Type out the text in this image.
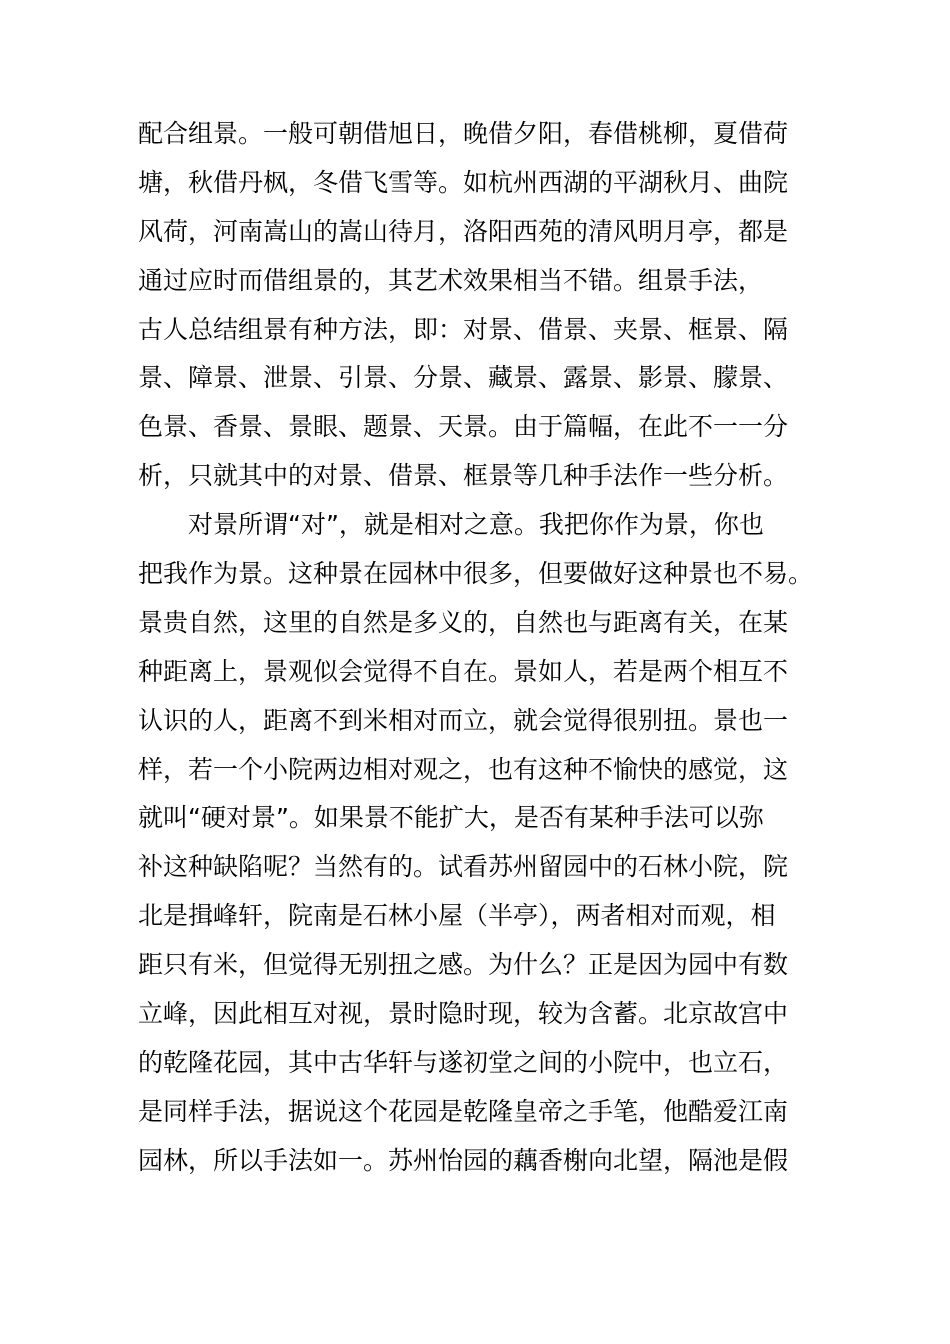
配合组景。一般可朝借旭日，晚借夕阳，春借桃柳，夏借荷
塘，秋借丹枫，冬借飞雪等。如杭州西湖的平湖秋月、曲院
风荷，河南嵩山的嵩山待月，洛阳西苑的清风明月亭，都是
通过应时而借组景的，其艺术效果相当不错。组景手法，
古人总结组景有种方法，即：对景、借景、夹景、框景、隔
景、障景、泄景、引景、分景、藏景、露景、影景、朦景、
色景、香景、景眼、题景、天景。由于篇幅，在此不一一分
析，只就其中的对景、借景、框景等几种手法作一些分析。
　　对景所谓“对”，就是相对之意。我把你作为景，你也
把我作为景。这种景在园林中很多，但要做好这种景也不易。
景贵自然，这里的自然是多义的，自然也与距离有关，在某
种距离上，景观似会觉得不自在。景如人，若是两个相互不
认识的人，距离不到米相对而立，就会觉得很别扭。景也一
样，若一个小院两边相对观之，也有这种不愉快的感觉，这
就叫“硬对景”。如果景不能扩大，是否有某种手法可以弥
补这种缺陷呢？当然有的。试看苏州留园中的石林小院，院
北是揖峰轩，院南是石林小屋（半亭），两者相对而观，相
距只有米，但觉得无别扭之感。为什么？正是因为园中有数
立峰，因此相互对视，景时隐时现，较为含蓄。北京故宫中
的乾隆花园，其中古华轩与遂初堂之间的小院中，也立石，
是同样手法，据说这个花园是乾隆皇帝之手笔，他酷爱江南
园林，所以手法如一。苏州怡园的藕香榭向北望，隔池是假
